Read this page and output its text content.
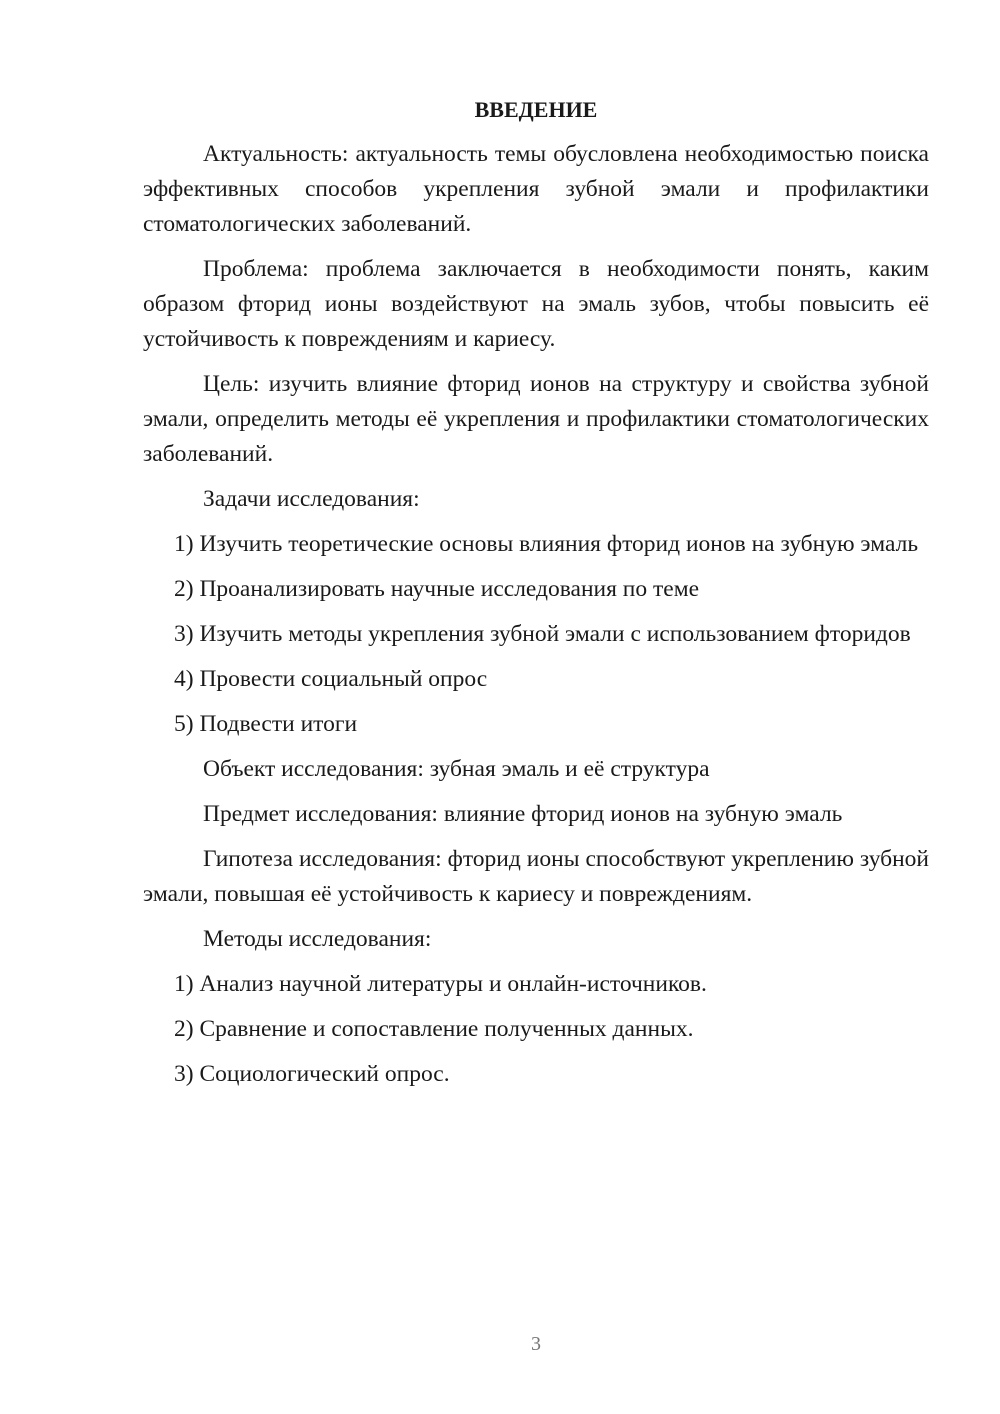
ВВЕДЕНИЕ

Актуальность: актуальность темы обусловлена необходимостью поиска эффективных способов укрепления зубной эмали и профилактики стоматологических заболеваний.

Проблема: проблема заключается в необходимости понять, каким образом фторид ионы воздействуют на эмаль зубов, чтобы повысить её устойчивость к повреждениям и кариесу.

Цель: изучить влияние фторид ионов на структуру и свойства зубной эмали, определить методы её укрепления и профилактики стоматологических заболеваний.

Задачи исследования:

1) Изучить теоретические основы влияния фторид ионов на зубную эмаль

2) Проанализировать научные исследования по теме

3) Изучить методы укрепления зубной эмали с использованием фторидов

4) Провести социальный опрос

5) Подвести итоги

Объект исследования: зубная эмаль и её структура

Предмет исследования: влияние фторид ионов на зубную эмаль

Гипотеза исследования: фторид ионы способствуют укреплению зубной эмали, повышая её устойчивость к кариесу и повреждениям.

Методы исследования:

1) Анализ научной литературы и онлайн-источников.

2) Сравнение и сопоставление полученных данных.

3) Социологический опрос.

3
